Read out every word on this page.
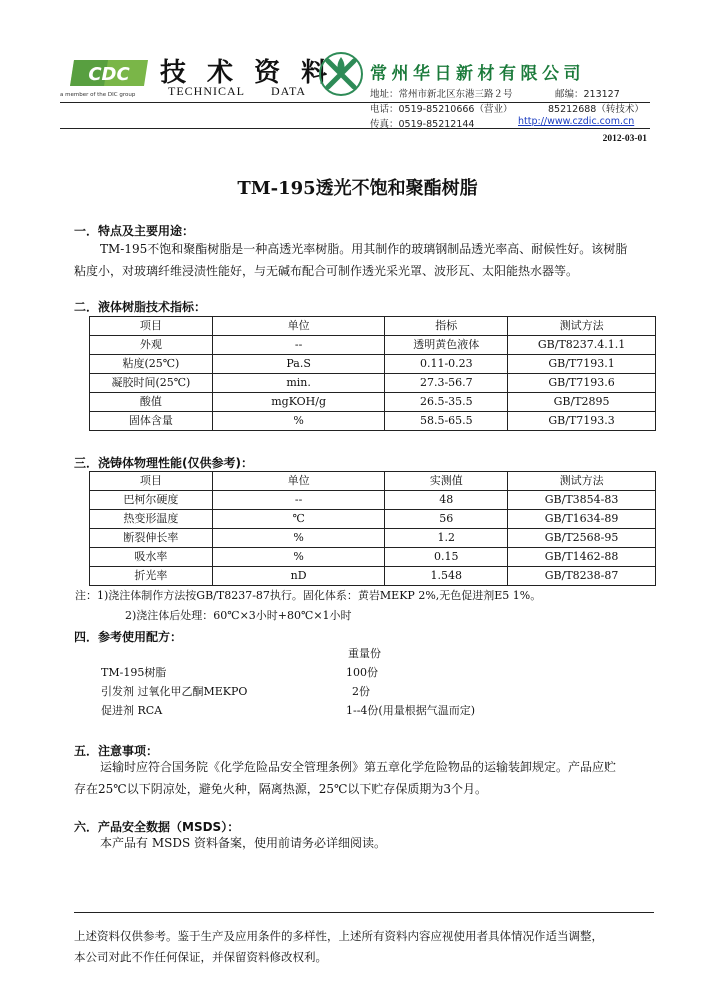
CDC
a member of the DIC group
技 术 资 料
TECHNICAL DATA
常州华日新材有限公司
地址：常州市新北区东港三路２号	邮编：213127
电话：0519-85210666（营业）	85212688（转技术）
传真：0519-85212144	http://www.czdic.com.cn
2012-03-01
TM-195透光不饱和聚酯树脂
一．特点及主要用途：
TM-195不饱和聚酯树脂是一种高透光率树脂。用其制作的玻璃钢制品透光率高、耐候性好。该树脂
粘度小，对玻璃纤维浸渍性能好，与无碱布配合可制作透光采光罩、波形瓦、太阳能热水器等。
二．液体树脂技术指标：
项目	单位	指标	测试方法
外观	--	透明黄色液体	GB/T8237.4.1.1
粘度(25℃)	Pa.S	0.11-0.23	GB/T7193.1
凝胶时间(25℃)	min.	27.3-56.7	GB/T7193.6
酸值	mgKOH/g	26.5-35.5	GB/T2895
固体含量	%	58.5-65.5	GB/T7193.3
三．浇铸体物理性能(仅供参考)：
项目	单位	实测值	测试方法
巴柯尔硬度	--	48	GB/T3854-83
热变形温度	℃	56	GB/T1634-89
断裂伸长率	%	1.2	GB/T2568-95
吸水率	%	0.15	GB/T1462-88
折光率	nD	1.548	GB/T8238-87
注：1)浇注体制作方法按GB/T8237-87执行。固化体系：黄岩MEKP 2%,无色促进剂E5 1%。
2)浇注体后处理：60℃×3小时+80℃×1小时
四．参考使用配方：
重量份
TM-195树脂	100份
引发剂 过氧化甲乙酮MEKPO	2份
促进剂 RCA	1--4份(用量根据气温而定)
五．注意事项：
运输时应符合国务院《化学危险品安全管理条例》第五章化学危险物品的运输装卸规定。产品应贮
存在25℃以下阴凉处，避免火种，隔离热源，25℃以下贮存保质期为3个月。
六．产品安全数据（MSDS）：
本产品有 MSDS 资料备案，使用前请务必详细阅读。
上述资料仅供参考。鉴于生产及应用条件的多样性，上述所有资料内容应视使用者具体情况作适当调整，
本公司对此不作任何保证，并保留资料修改权利。
